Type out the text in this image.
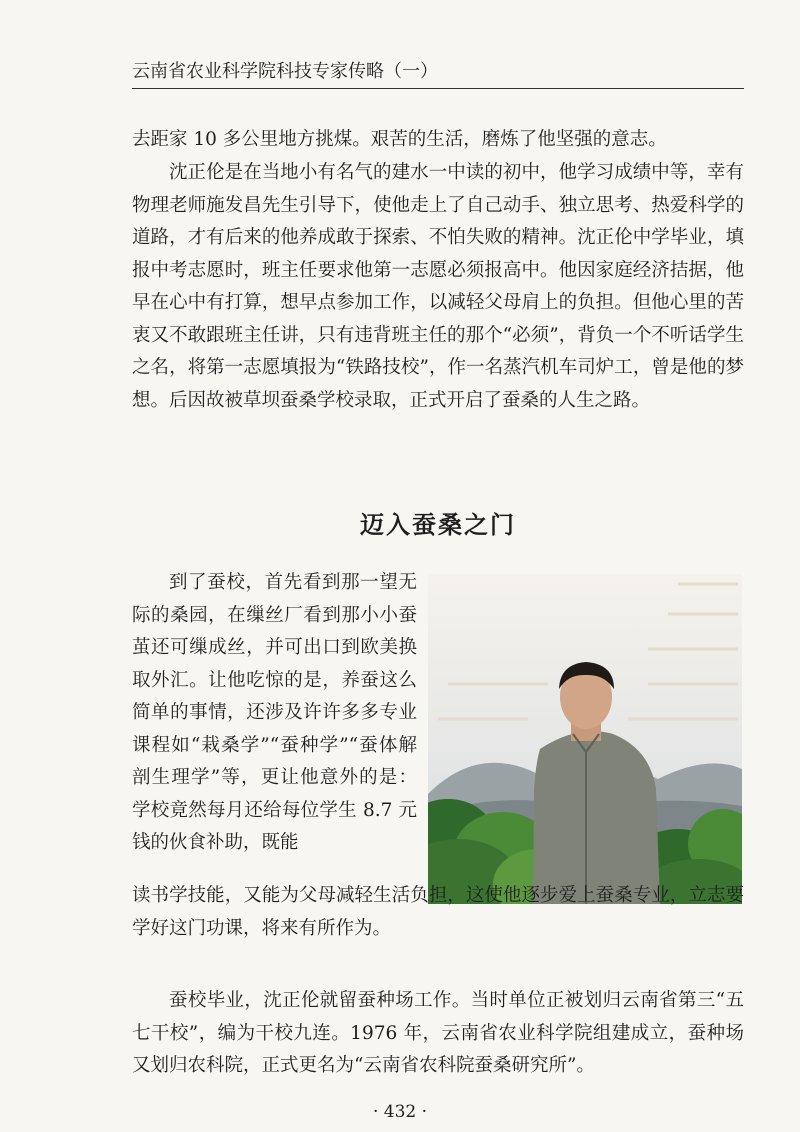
云南省农业科学院科技专家传略（一）

去距家 10 多公里地方挑煤。艰苦的生活，磨炼了他坚强的意志。

沈正伦是在当地小有名气的建水一中读的初中，他学习成绩中等，幸有物理老师施发昌先生引导下，使他走上了自己动手、独立思考、热爱科学的道路，才有后来的他养成敢于探索、不怕失败的精神。沈正伦中学毕业，填报中考志愿时，班主任要求他第一志愿必须报高中。他因家庭经济拮据，他早在心中有打算，想早点参加工作，以减轻父母肩上的负担。但他心里的苦衷又不敢跟班主任讲，只有违背班主任的那个“必须”，背负一个不听话学生之名，将第一志愿填报为“铁路技校”，作一名蒸汽机车司炉工，曾是他的梦想。后因故被草坝蚕桑学校录取，正式开启了蚕桑的人生之路。

迈入蚕桑之门

到了蚕校，首先看到那一望无际的桑园，在缫丝厂看到那小小蚕茧还可缫成丝，并可出口到欧美换取外汇。让他吃惊的是，养蚕这么简单的事情，还涉及许许多多专业课程如“栽桑学”“蚕种学”“蚕体解剖生理学”等，更让他意外的是：学校竟然每月还给每位学生 8.7 元钱的伙食补助，既能

读书学技能，又能为父母减轻生活负担，这使他逐步爱上蚕桑专业，立志要学好这门功课，将来有所作为。

蚕校毕业，沈正伦就留蚕种场工作。当时单位正被划归云南省第三“五七干校”，编为干校九连。1976 年，云南省农业科学院组建成立，蚕种场又划归农科院，正式更名为“云南省农科院蚕桑研究所”。

· 432 ·
